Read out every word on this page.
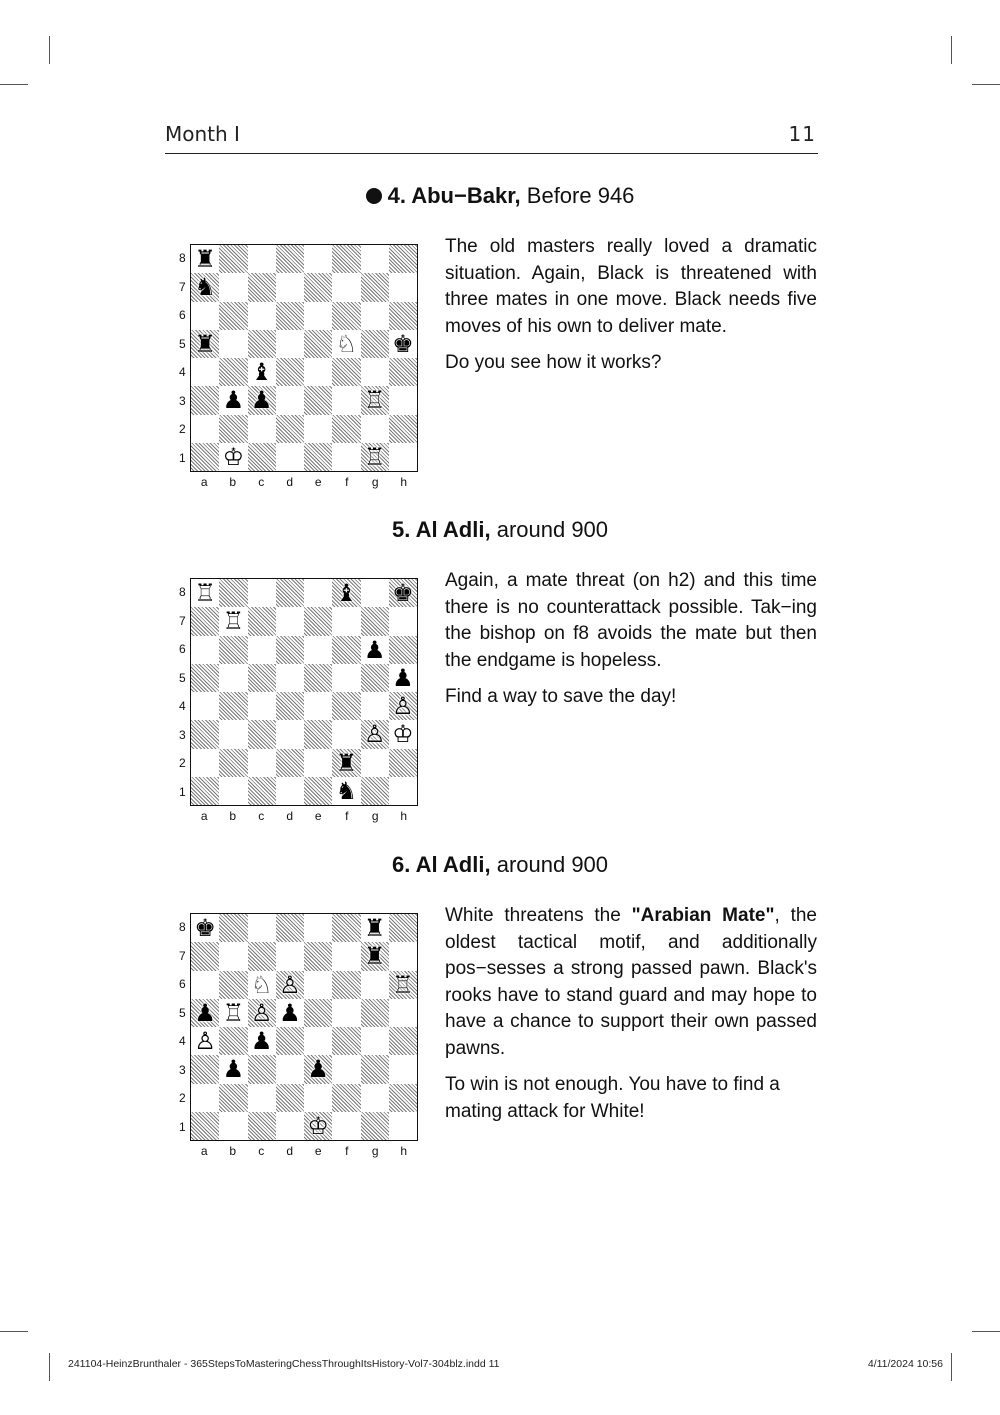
Month I	11
4. Abu−Bakr, Before 946
8
7
6
5
4
3
2
1
♜
♞
♜	♘ ♚
♝
♟ ♟	♖
♔	♖
a	b	c	d	e	f	g	h

The old masters really loved a dramatic situation. Again, Black is threatened with three mates in one move. Black needs five moves of his own to deliver mate.

Do you see how it works?

5. Al Adli, around 900
8
7
6
5
4
3
2
1
♖	♝ ♚
♖
♟
♟
♙
♙ ♔
♜
♞
a	b	c	d	e	f	g	h

Again, a mate threat (on h2) and this time there is no counterattack possible. Tak−ing the bishop on f8 avoids the mate but then the endgame is hopeless.

Find a way to save the day!

6. Al Adli, around 900
8
7
6
5
4
3
2
1
♚	♜
♜
♘ ♙	♖
♟ ♖ ♙ ♟
♙ ♟
♟	♟
♔
a	b	c	d	e	f	g	h

White threatens the "Arabian Mate", the oldest tactical motif, and additionally pos−sesses a strong passed pawn. Black's rooks have to stand guard and may hope to have a chance to support their own passed pawns.

To win is not enough. You have to find a mating attack for White!

241104-HeinzBrunthaler - 365StepsToMasteringChessThroughItsHistory-Vol7-304blz.indd 11	4/11/2024 10:56
